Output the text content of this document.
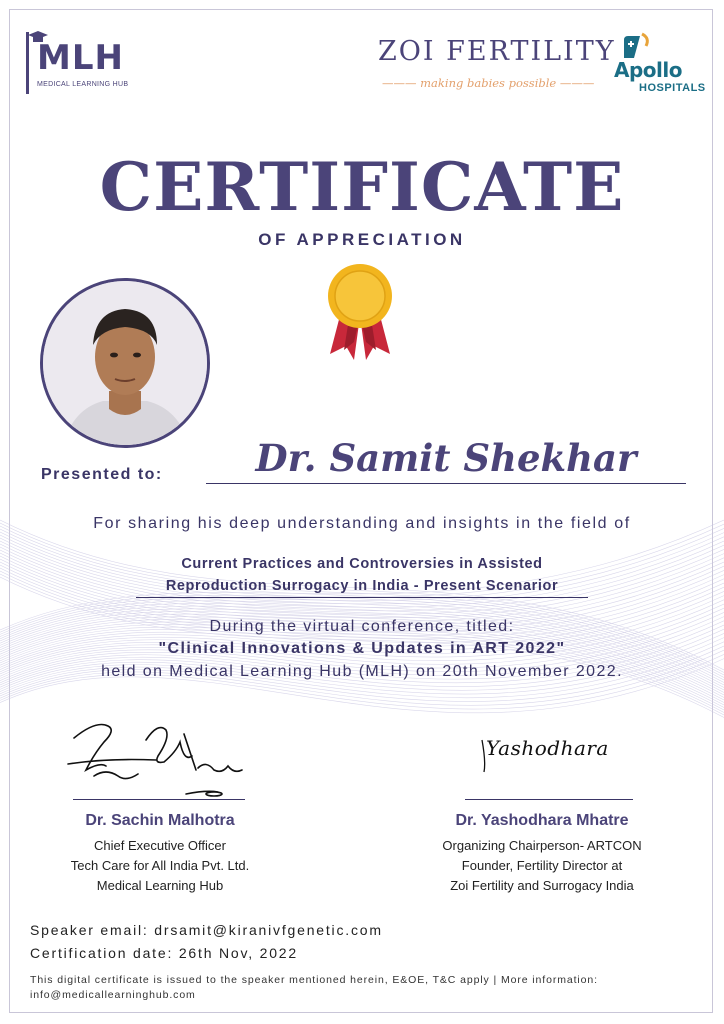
MLH
MEDICAL LEARNING HUB
ZOI FERTILITY
——— making babies possible ———
Apollo
HOSPITALS
CERTIFICATE
OF APPRECIATION
Presented to:	Dr. Samit Shekhar
For sharing his deep understanding and insights in the field of
Current Practices and Controversies in Assisted
Reproduction Surrogacy in India - Present Scenarior
During the virtual conference, titled:
"Clinical Innovations & Updates in ART 2022"
held on Medical Learning Hub (MLH) on 20th November 2022.
Yashodhara
Dr. Sachin Malhotra
Chief Executive Officer
Tech Care for All India Pvt. Ltd.
Medical Learning Hub
Dr. Yashodhara Mhatre
Organizing Chairperson- ARTCON
Founder, Fertility Director at
Zoi Fertility and Surrogacy India
Speaker email: drsamit@kiranivfgenetic.com
Certification date: 26th Nov, 2022
This digital certificate is issued to the speaker mentioned herein, E&OE, T&C apply | More information: info@medicallearninghub.com
